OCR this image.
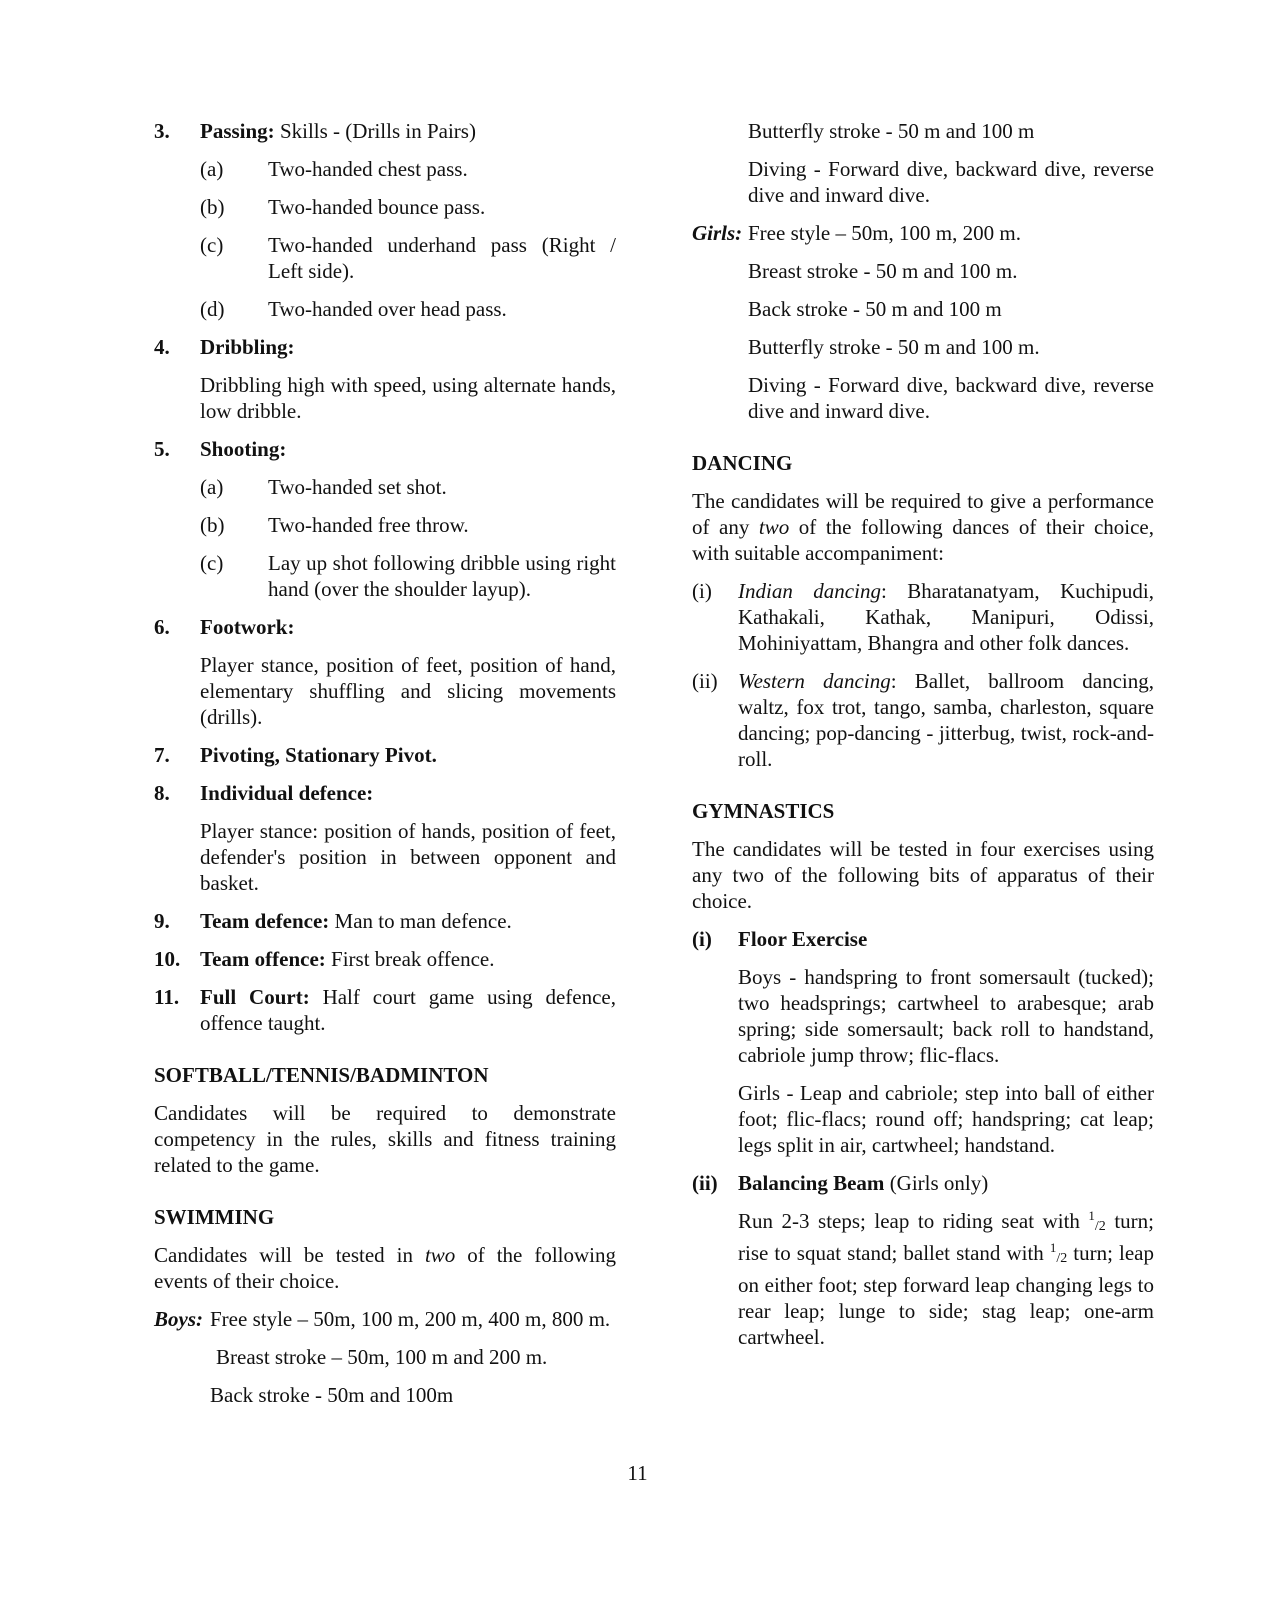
3. Passing: Skills - (Drills in Pairs)
(a) Two-handed chest pass.
(b) Two-handed bounce pass.
(c) Two-handed underhand pass (Right / Left side).
(d) Two-handed over head pass.
4. Dribbling:
Dribbling high with speed, using alternate hands, low dribble.
5. Shooting:
(a) Two-handed set shot.
(b) Two-handed free throw.
(c) Lay up shot following dribble using right hand (over the shoulder layup).
6. Footwork:
Player stance, position of feet, position of hand, elementary shuffling and slicing movements (drills).
7. Pivoting, Stationary Pivot.
8. Individual defence:
Player stance: position of hands, position of feet, defender's position in between opponent and basket.
9. Team defence: Man to man defence.
10. Team offence: First break offence.
11. Full Court: Half court game using defence, offence taught.
SOFTBALL/TENNIS/BADMINTON
Candidates will be required to demonstrate competency in the rules, skills and fitness training related to the game.
SWIMMING
Candidates will be tested in two of the following events of their choice.
Boys: Free style – 50m, 100 m, 200 m, 400 m, 800 m.
Breast stroke – 50m, 100 m and 200 m.
Back stroke - 50m and 100m
Butterfly stroke - 50 m and 100 m
Diving - Forward dive, backward dive, reverse dive and inward dive.
Girls: Free style – 50m, 100 m, 200 m.
Breast stroke - 50 m and 100 m.
Back stroke - 50 m and 100 m
Butterfly stroke - 50 m and 100 m.
Diving - Forward dive, backward dive, reverse dive and inward dive.
DANCING
The candidates will be required to give a performance of any two of the following dances of their choice, with suitable accompaniment:
(i) Indian dancing: Bharatanatyam, Kuchipudi, Kathakali, Kathak, Manipuri, Odissi, Mohiniyattam, Bhangra and other folk dances.
(ii) Western dancing: Ballet, ballroom dancing, waltz, fox trot, tango, samba, charleston, square dancing; pop-dancing - jitterbug, twist, rock-and-roll.
GYMNASTICS
The candidates will be tested in four exercises using any two of the following bits of apparatus of their choice.
(i) Floor Exercise
Boys - handspring to front somersault (tucked); two headsprings; cartwheel to arabesque; arab spring; side somersault; back roll to handstand, cabriole jump throw; flic-flacs.
Girls - Leap and cabriole; step into ball of either foot; flic-flacs; round off; handspring; cat leap; legs split in air, cartwheel; handstand.
(ii) Balancing Beam (Girls only)
Run 2-3 steps; leap to riding seat with $^1$/2 turn; rise to squat stand; ballet stand with $^1$/2 turn; leap on either foot; step forward leap changing legs to rear leap; lunge to side; stag leap; one-arm cartwheel.
11
